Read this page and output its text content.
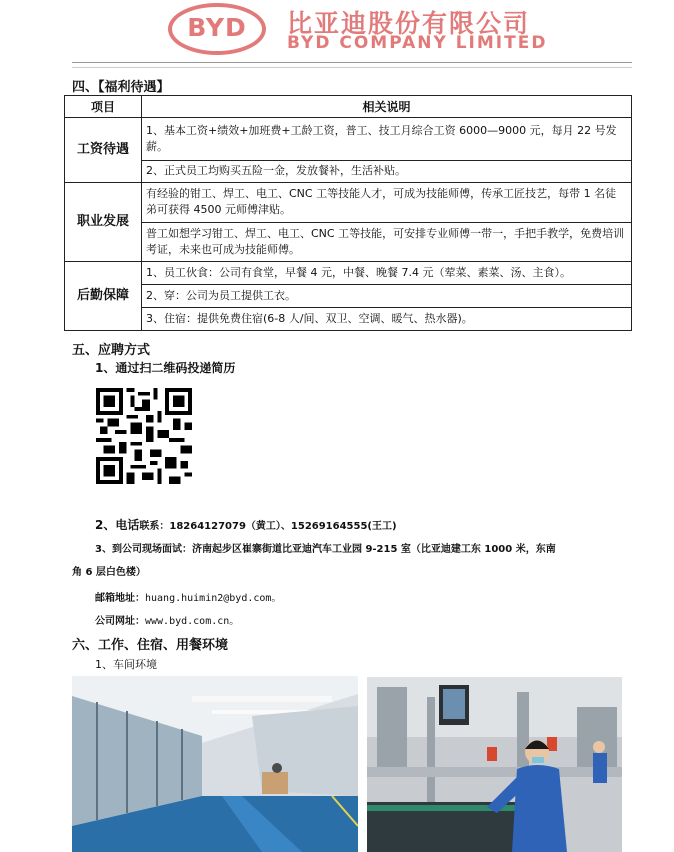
BYD	比亚迪股份有限公司
BYD COMPANY LIMITED
四、【福利待遇】
项目	相关说明
工资待遇	1、基本工资+绩效+加班费+工龄工资，普工、技工月综合工资 6000—9000 元，每月 22 号发薪。
	2、正式员工均购买五险一金，发放餐补，生活补贴。
职业发展	有经验的钳工、焊工、电工、CNC 工等技能人才，可成为技能师傅，传承工匠技艺，每带 1 名徒弟可获得 4500 元师傅津贴。
	普工如想学习钳工、焊工、电工、CNC 工等技能，可安排专业师傅一带一，手把手教学，免费培训考证，未来也可成为技能师傅。
后勤保障	1、员工伙食：公司有食堂，早餐 4 元，中餐、晚餐 7.4 元（荤菜、素菜、汤、主食）。
	2、穿：公司为员工提供工衣。
	3、住宿：提供免费住宿(6-8 人/间、双卫、空调、暖气、热水器)。
五、应聘方式
1、通过扫二维码投递简历
2、电话联系：18264127079（黄工）、15269164555(王工)
3、到公司现场面试：济南起步区崔寨街道比亚迪汽车工业园 9-215 室（比亚迪建工东 1000 米，东南
角 6 层白色楼）
邮箱地址：huang.huimin2@byd.com。
公司网址：www.byd.com.cn。
六、工作、住宿、用餐环境
1、车间环境
